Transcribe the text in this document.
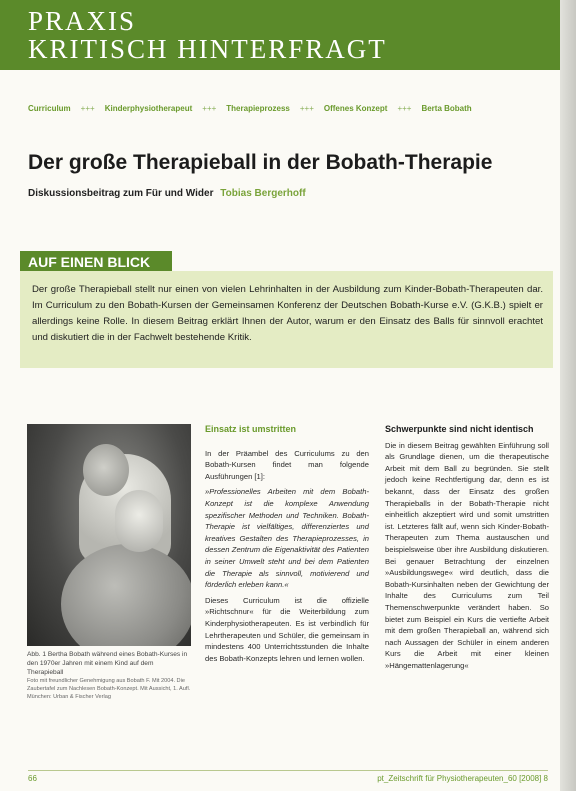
PRAXIS
KRITISCH HINTERFRAGT
Curriculum +++ Kinderphysiotherapeut +++ Therapieprozess +++ Offenes Konzept +++ Berta Bobath
Der große Therapieball in der Bobath-Therapie
Diskussionsbeitrag zum Für und Wider Tobias Bergerhoff
AUF EINEN BLICK
Der große Therapieball stellt nur einen von vielen Lehrinhalten in der Ausbildung zum Kinder-Bobath-Therapeuten dar. Im Curriculum zu den Bobath-Kursen der Gemeinsamen Konferenz der Deutschen Bobath-Kurse e.V. (G.K.B.) spielt er allerdings keine Rolle. In diesem Beitrag erklärt Ihnen der Autor, warum er den Einsatz des Balls für sinnvoll erachtet und diskutiert die in der Fachwelt bestehende Kritik.
Abb. 1 Bertha Bobath während eines Bobath-Kurses in den 1970er Jahren mit einem Kind auf dem Therapieball
Foto mit freundlicher Genehmigung aus Bobath F. Mit 2004. Die Zaubertafel zum Nachlesen Bobath-Konzept. Mit Aussicht, 1. Aufl. München: Urban & Fischer Verlag
Einsatz ist umstritten

In der Präambel des Curriculums zu den Bobath-Kursen findet man folgende Ausführungen [1]:

»Professionelles Arbeiten mit dem Bobath-Konzept ist die komplexe Anwendung spezifischer Methoden und Techniken. Bobath-Therapie ist vielfältiges, differenziertes und kreatives Gestalten des Therapieprozesses, in dessen Zentrum die Eigenaktivität des Patienten in seiner Umwelt steht und bei dem Patienten die Therapie als sinnvoll, motivierend und förderlich erleben kann.«

Dieses Curriculum ist die offizielle »Richtschnur« für die Weiterbildung zum Kinderphysiotherapeuten. Es ist verbindlich für Lehrtherapeuten und Schüler, die gemeinsam in mindestens 400 Unterrichtsstunden die Inhalte des Bobath-Konzepts lehren und lernen wollen.

Schwerpunkte sind nicht identisch

Die in diesem Beitrag gewählten Einführung soll als Grundlage dienen, um die therapeutische Arbeit mit dem Ball zu begründen. Sie stellt jedoch keine Rechtfertigung dar, denn es ist bekannt, dass der Einsatz des großen Therapieballs in der Bobath-Therapie nicht einheitlich akzeptiert wird und somit umstritten ist. Letzteres fällt auf, wenn sich Kinder-Bobath-Therapeuten zum Thema austauschen und beispielsweise über ihre Ausbildung diskutieren. Bei genauer Betrachtung der einzelnen »Ausbildungswege« wird deutlich, dass die Bobath-Kursinhalten neben der Gewichtung der Inhalte des Curriculums zum Teil Themenschwerpunkte verändert haben. So bietet zum Beispiel ein Kurs die vertiefte Arbeit mit dem großen Therapieball an, während sich nach Aussagen der Schüler in einem anderen Kurs die Arbeit mit einer kleinen »Hängemattenlagerung«

66	pt_Zeitschrift für Physiotherapeuten_60 [2008] 8
